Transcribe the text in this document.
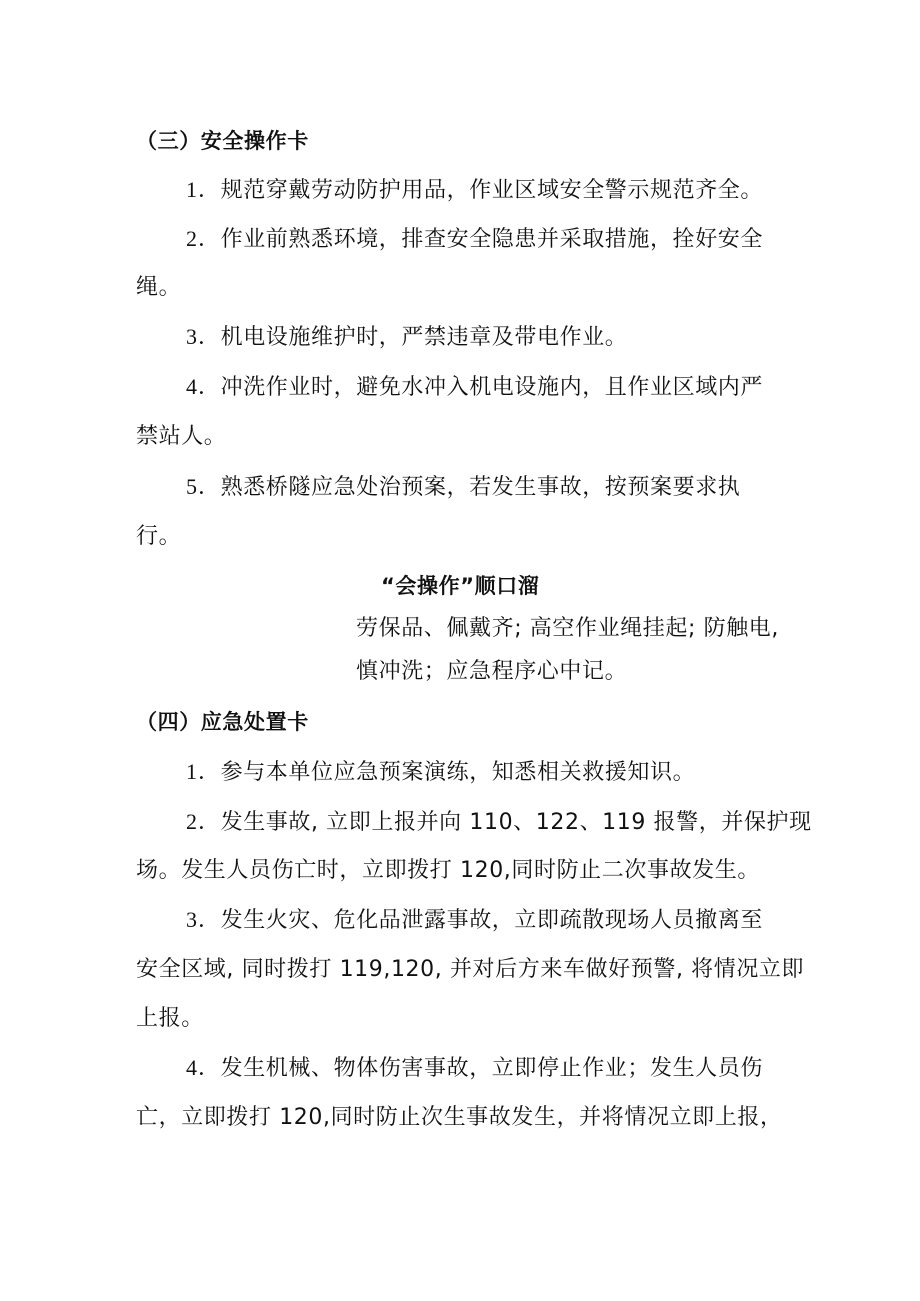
（三）安全操作卡
1．规范穿戴劳动防护用品，作业区域安全警示规范齐全。
2．作业前熟悉环境，排查安全隐患并采取措施，拴好安全
绳。
3．机电设施维护时，严禁违章及带电作业。
4．冲洗作业时，避免水冲入机电设施内，且作业区域内严
禁站人。
5．熟悉桥隧应急处治预案，若发生事故，按预案要求执
行。
“会操作”顺口溜
劳保品、佩戴齐; 高空作业绳挂起; 防触电,
慎冲洗；应急程序心中记。
（四）应急处置卡
1．参与本单位应急预案演练，知悉相关救援知识。
2．发生事故, 立即上报并向 110、122、119 报警，并保护现
场。发生人员伤亡时，立即拨打 120,同时防止二次事故发生。
3．发生火灾、危化品泄露事故，立即疏散现场人员撤离至
安全区域, 同时拨打 119,120, 并对后方来车做好预警, 将情况立即
上报。
4．发生机械、物体伤害事故，立即停止作业；发生人员伤
亡，立即拨打 120,同时防止次生事故发生，并将情况立即上报，
